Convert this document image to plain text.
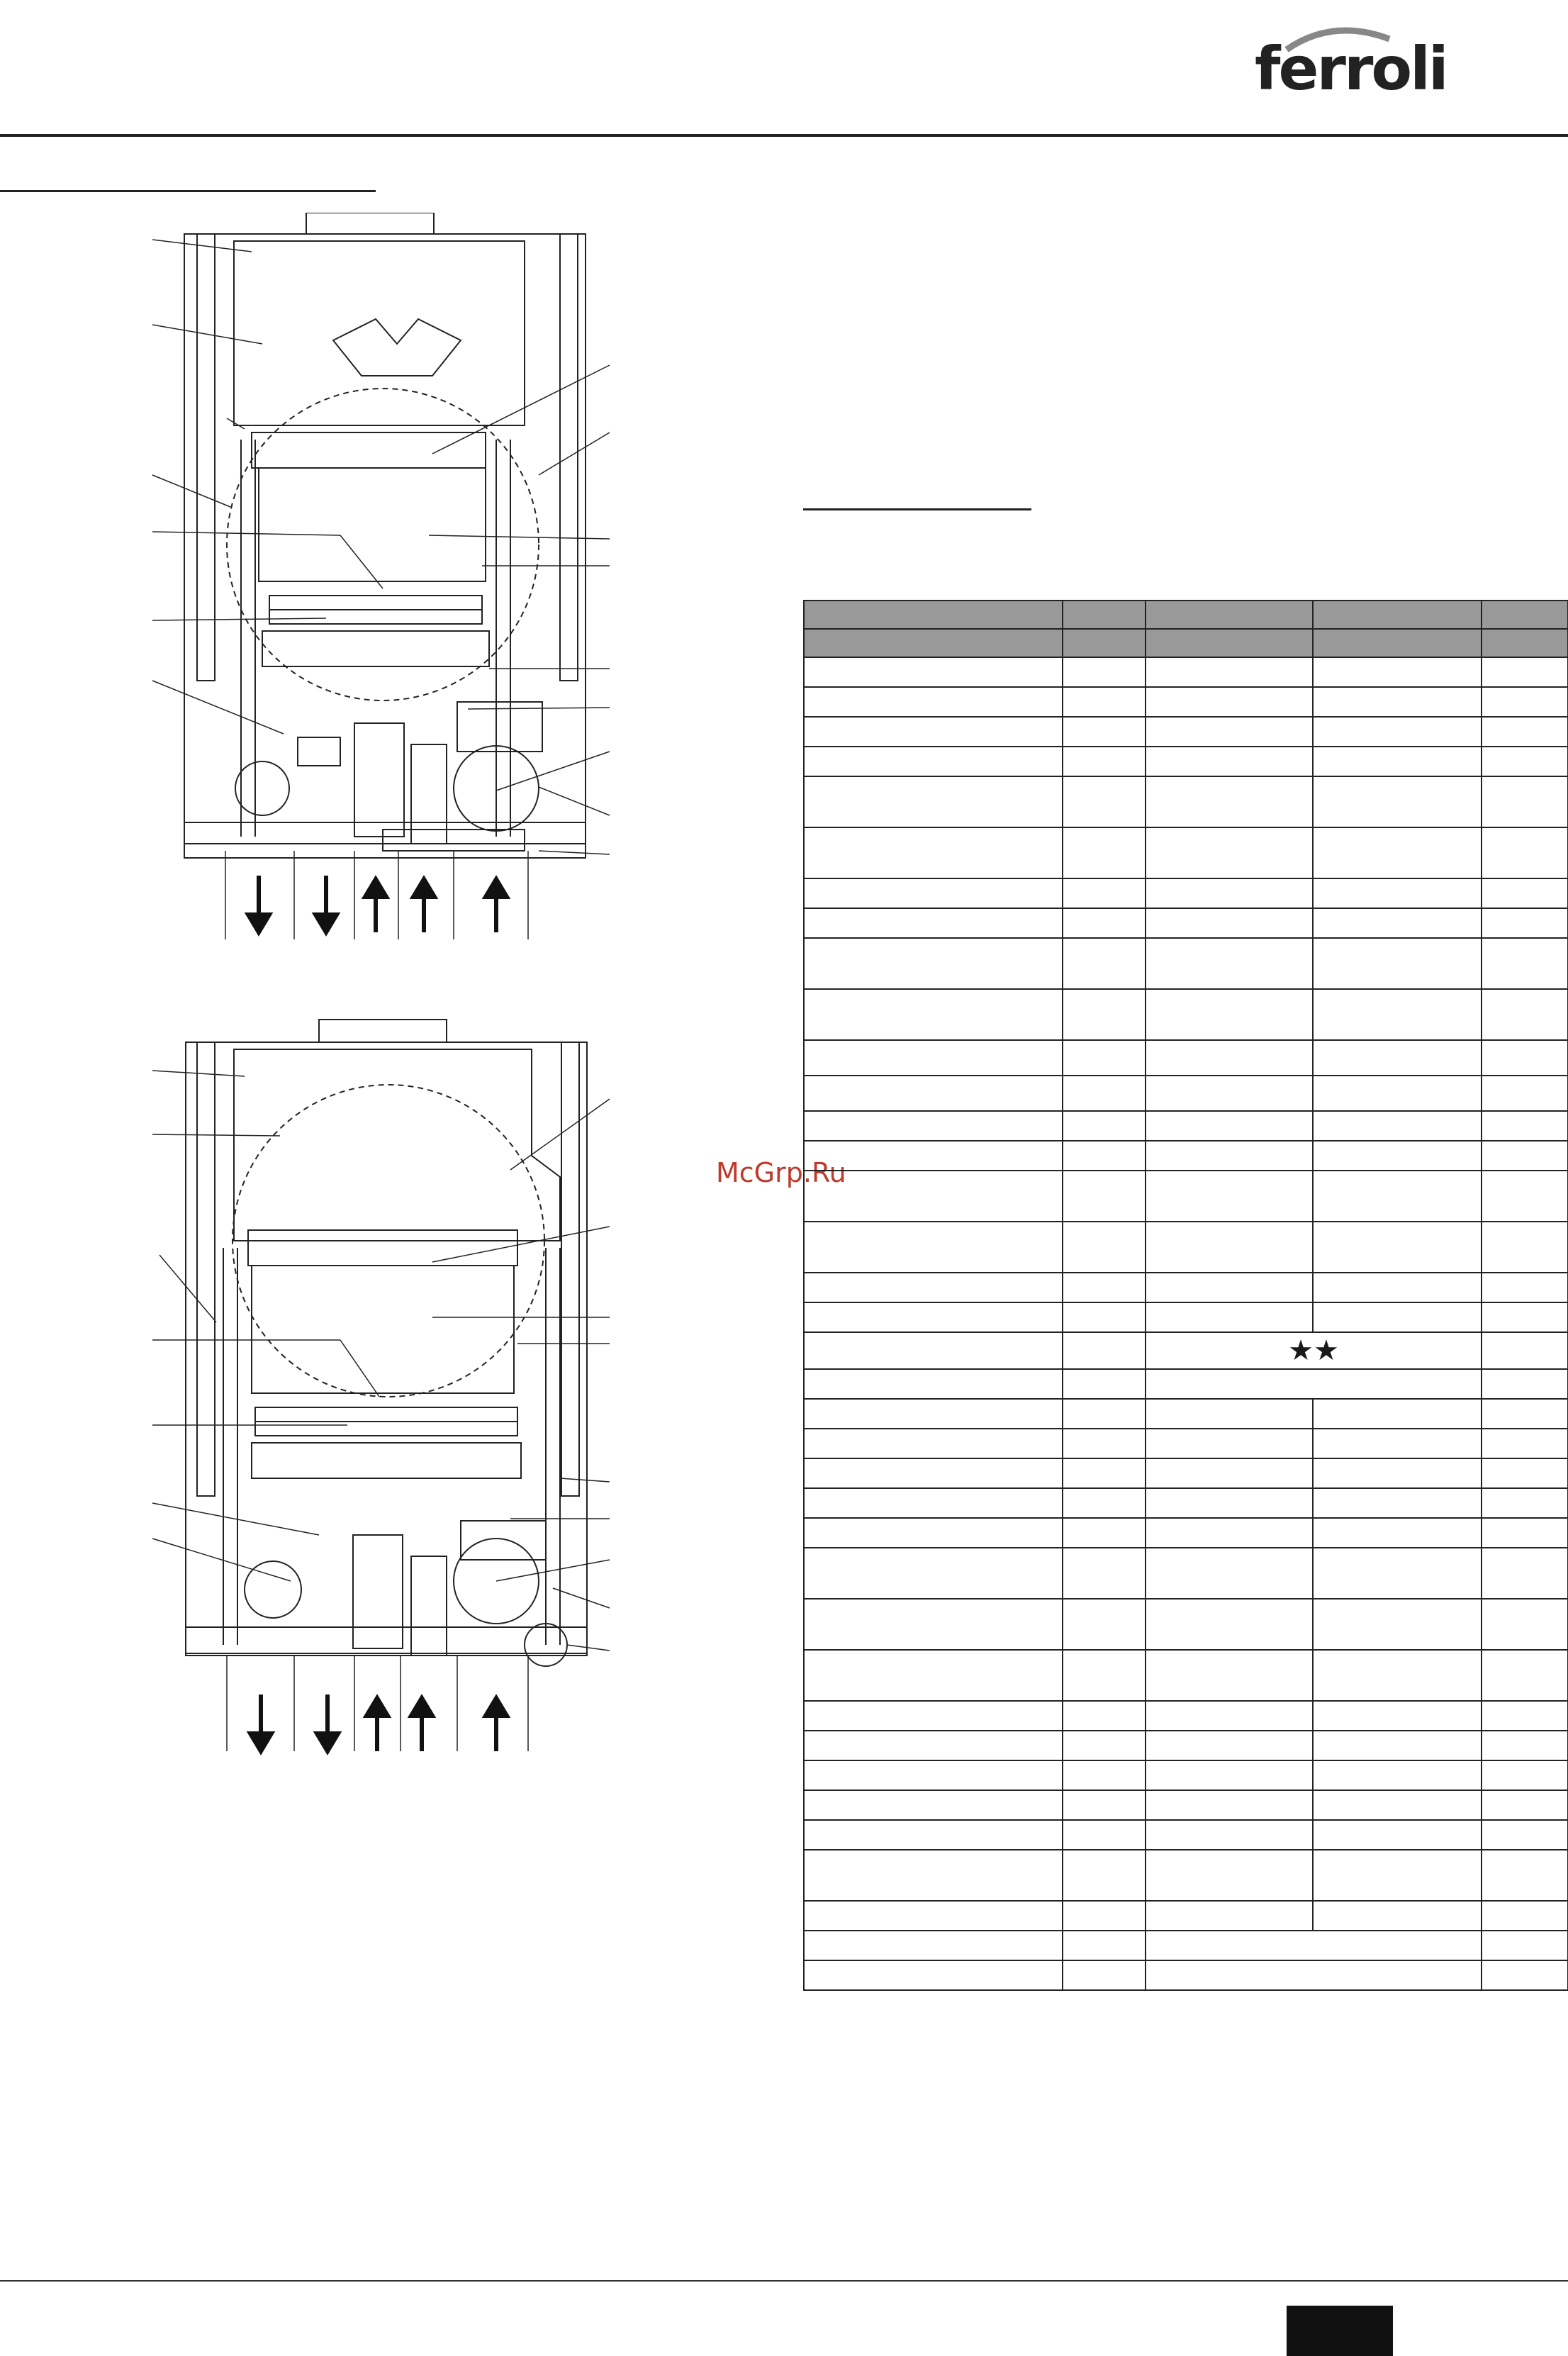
ferroli
McGrp.Ru

		★★		
